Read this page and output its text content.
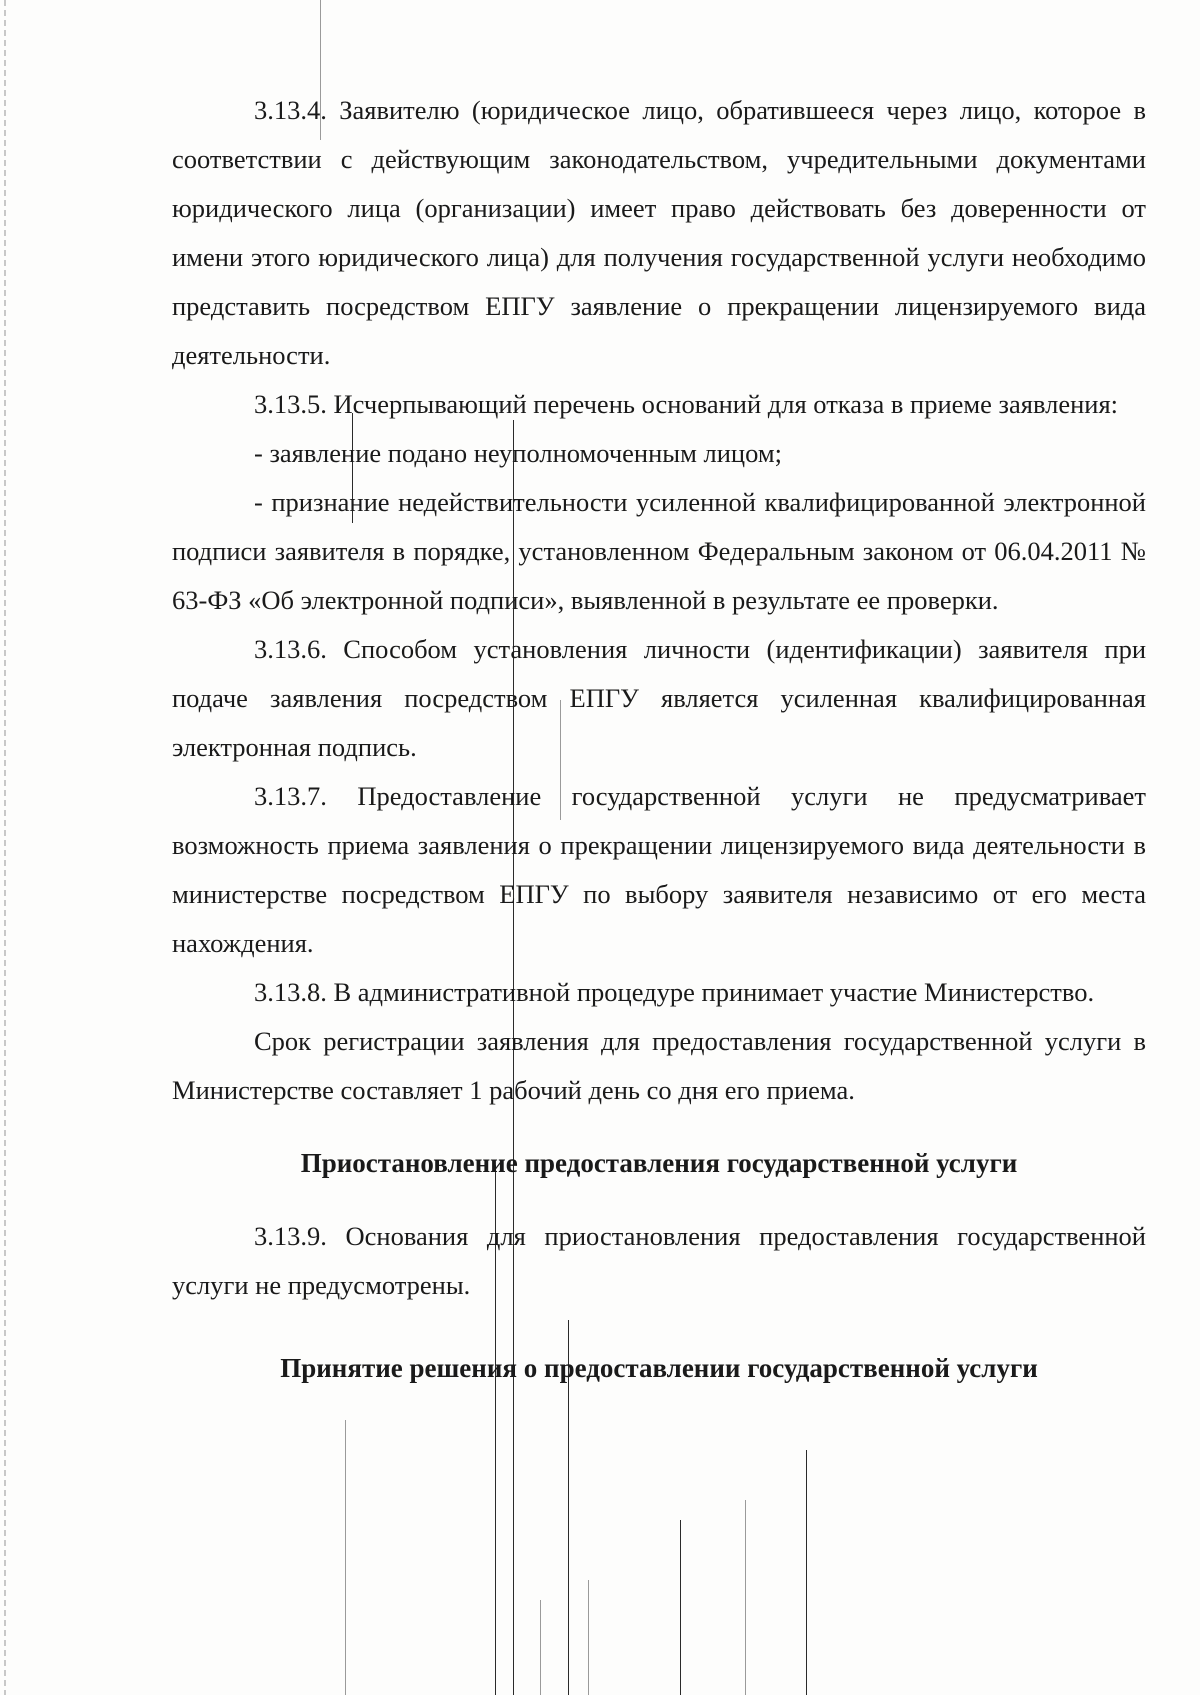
3.13.4. Заявителю (юридическое лицо, обратившееся через лицо, которое в соответствии с действующим законодательством, учредительными документами юридического лица (организации) имеет право действовать без доверенности от имени этого юридического лица) для получения государственной услуги необходимо представить посредством ЕПГУ заявление о прекращении лицензируемого вида деятельности.

3.13.5. Исчерпывающий перечень оснований для отказа в приеме заявления:

- заявление подано неуполномоченным лицом;

- признание недействительности усиленной квалифицированной электронной подписи заявителя в порядке, установленном Федеральным законом от 06.04.2011 № 63-ФЗ «Об электронной подписи», выявленной в результате ее проверки.

3.13.6. Способом установления личности (идентификации) заявителя при подаче заявления посредством ЕПГУ является усиленная квалифицированная электронная подпись.

3.13.7. Предоставление государственной услуги не предусматривает возможность приема заявления о прекращении лицензируемого вида деятельности в министерстве посредством ЕПГУ по выбору заявителя независимо от его места нахождения.

3.13.8. В административной процедуре принимает участие Министерство.

Срок регистрации заявления для предоставления государственной услуги в Министерстве составляет 1 рабочий день со дня его приема.

Приостановление предоставления государственной услуги

3.13.9. Основания для приостановления предоставления государственной услуги не предусмотрены.

Принятие решения о предоставлении государственной услуги
